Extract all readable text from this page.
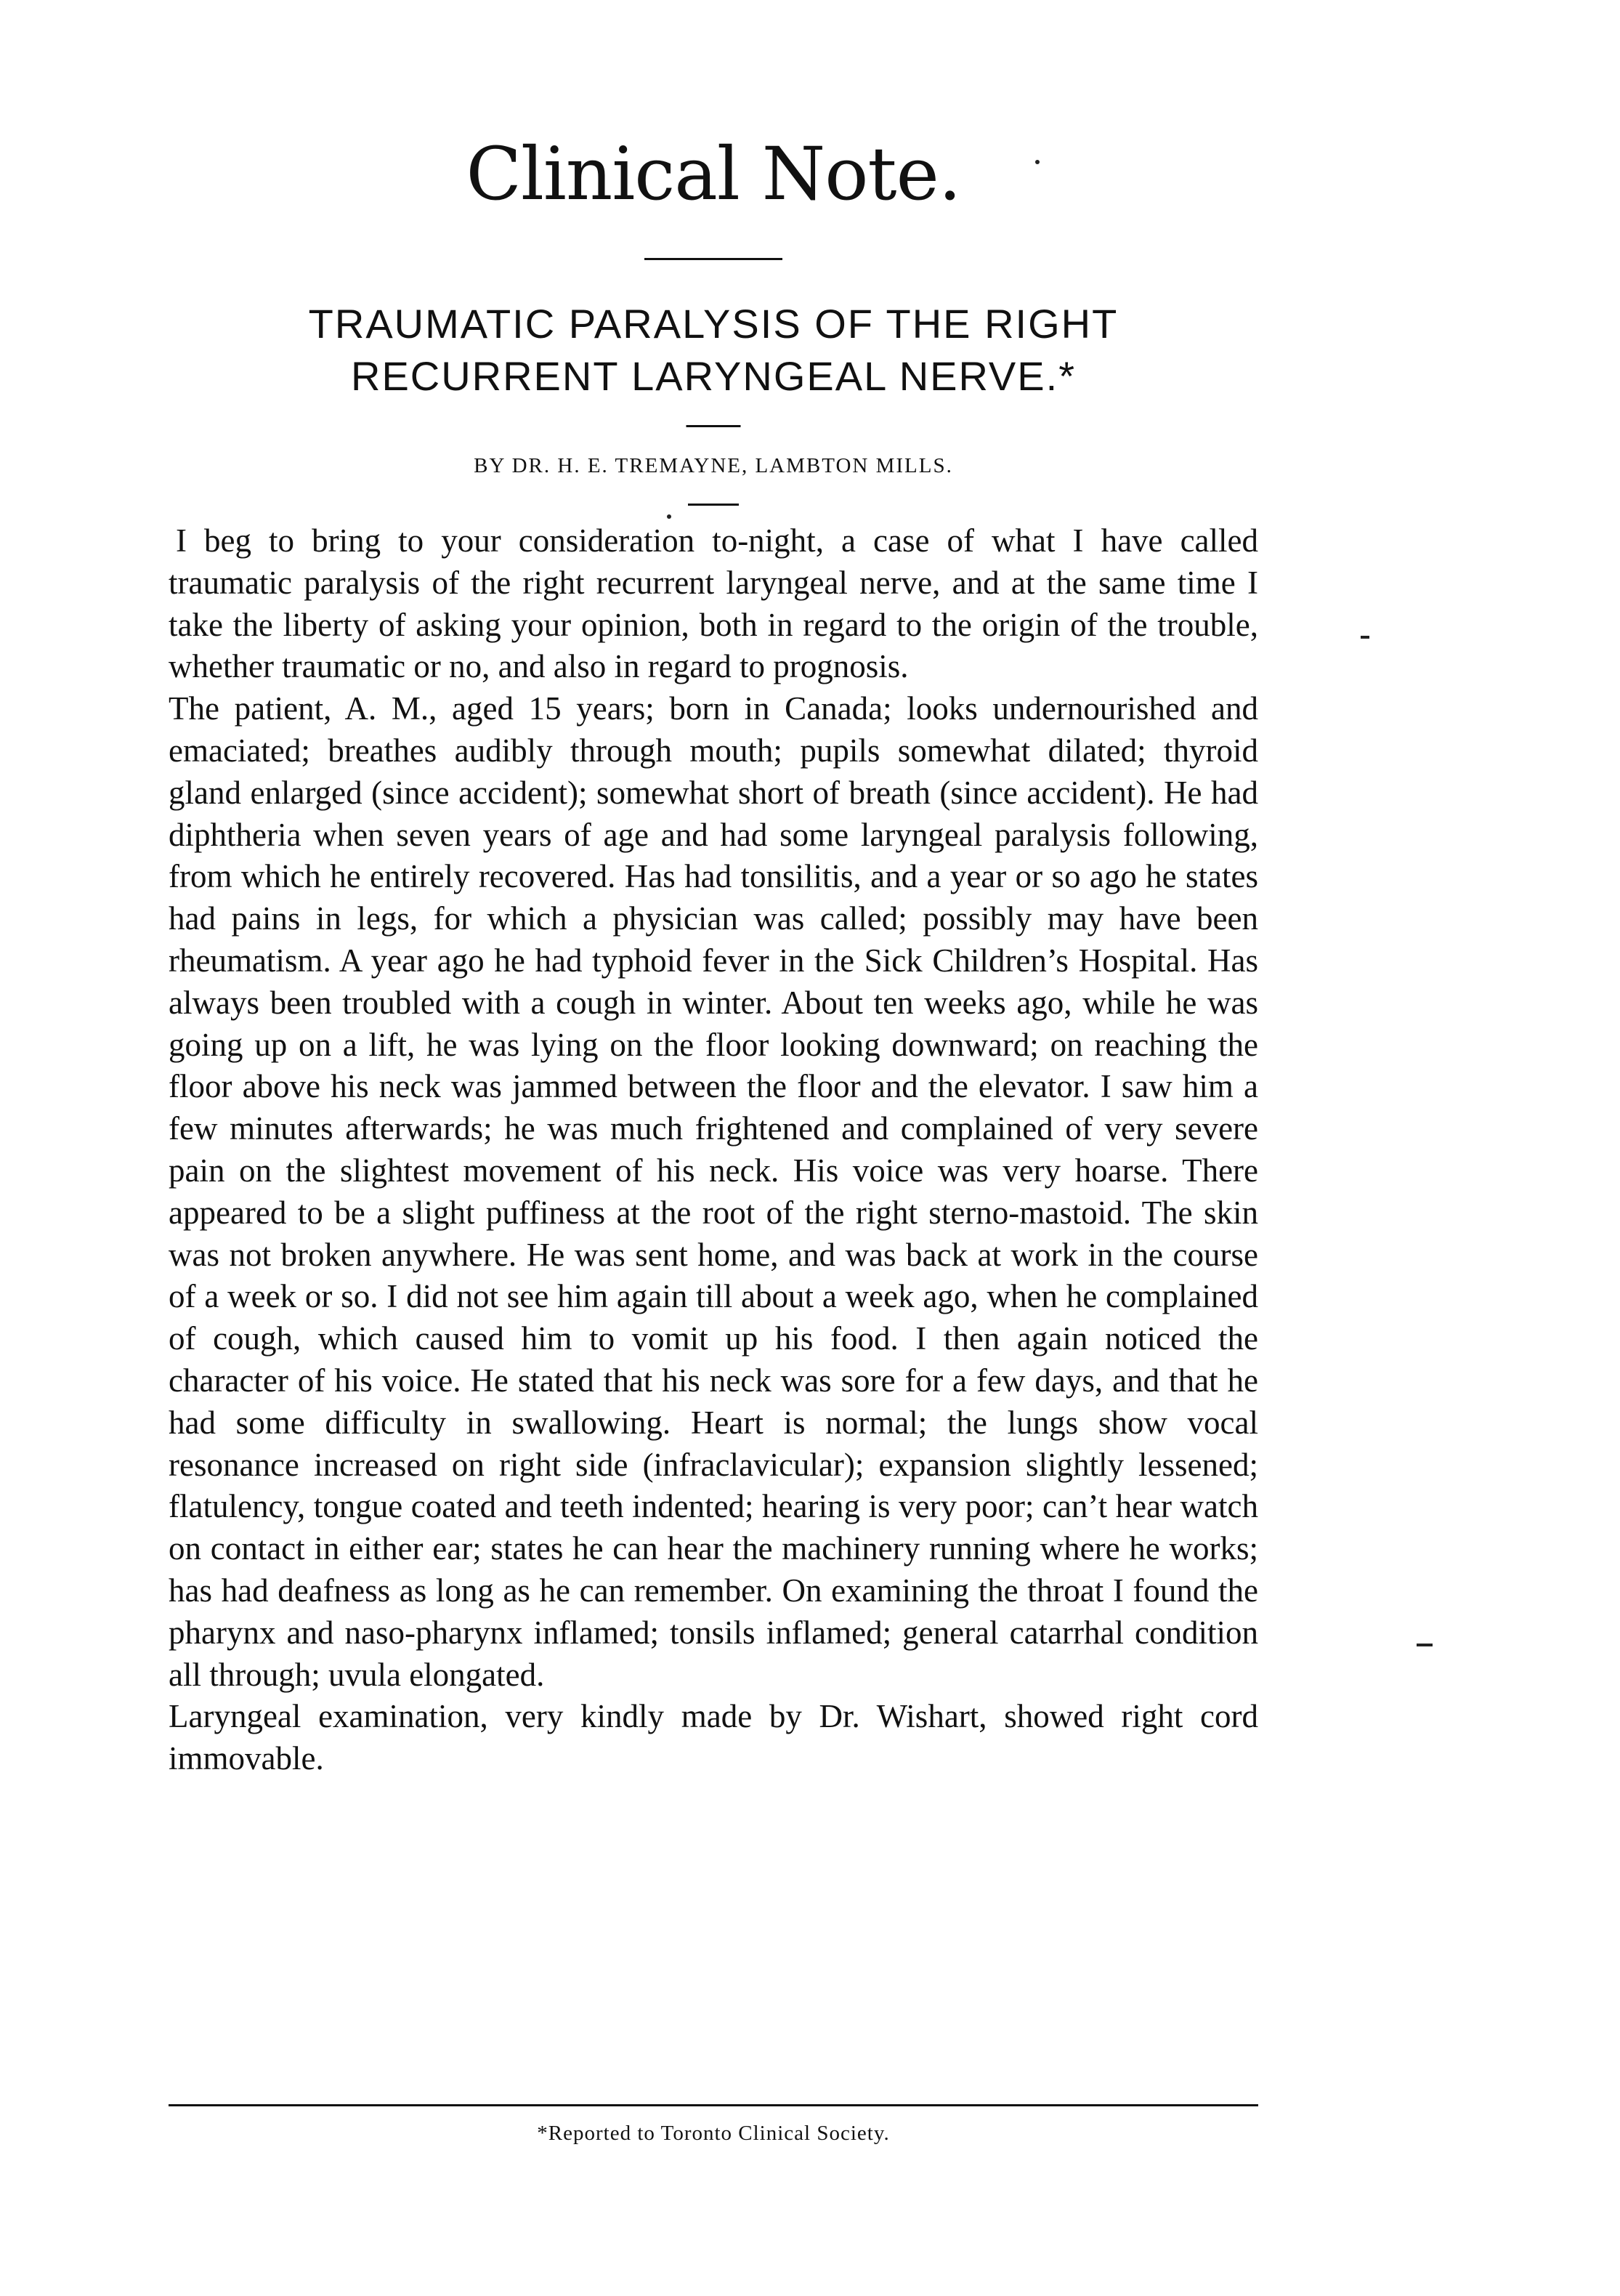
Clinical Note.
TRAUMATIC PARALYSIS OF THE RIGHT
RECURRENT LARYNGEAL NERVE.*
BY DR. H. E. TREMAYNE, LAMBTON MILLS.

I beg to bring to your consideration to-night, a case of what I have called traumatic paralysis of the right recurrent laryngeal nerve, and at the same time I take the liberty of asking your opinion, both in regard to the origin of the trouble, whether traumatic or no, and also in regard to prognosis.

The patient, A. M., aged 15 years; born in Canada; looks undernourished and emaciated; breathes audibly through mouth; pupils somewhat dilated; thyroid gland enlarged (since accident); somewhat short of breath (since accident). He had diphtheria when seven years of age and had some laryngeal paralysis following, from which he entirely recovered. Has had tonsilitis, and a year or so ago he states had pains in legs, for which a physician was called; possibly may have been rheumatism. A year ago he had typhoid fever in the Sick Children’s Hospital. Has always been troubled with a cough in winter. About ten weeks ago, while he was going up on a lift, he was lying on the floor looking downward; on reaching the floor above his neck was jammed between the floor and the elevator. I saw him a few minutes afterwards; he was much frightened and complained of very severe pain on the slightest movement of his neck. His voice was very hoarse. There appeared to be a slight puffiness at the root of the right sterno-mastoid. The skin was not broken anywhere. He was sent home, and was back at work in the course of a week or so. I did not see him again till about a week ago, when he complained of cough, which caused him to vomit up his food. I then again noticed the character of his voice. He stated that his neck was sore for a few days, and that he had some difficulty in swallowing. Heart is normal; the lungs show vocal resonance increased on right side (infraclavicular); expansion slightly lessened; flatulency, tongue coated and teeth indented; hearing is very poor; can’t hear watch on contact in either ear; states he can hear the machinery running where he works; has had deafness as long as he can remember. On examining the throat I found the pharynx and naso-pharynx inflamed; tonsils inflamed; general catarrhal condition all through; uvula elongated.

Laryngeal examination, very kindly made by Dr. Wishart, showed right cord immovable.

*Reported to Toronto Clinical Society.
